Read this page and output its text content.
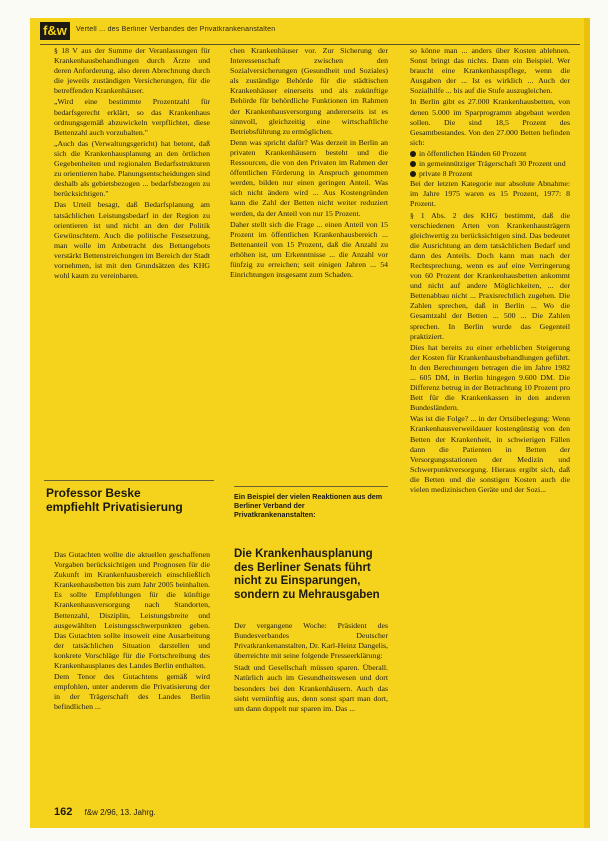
f&w	Vertell ... des Berliner Verbandes der Privatkrankenanstalten

§ 18 V aus der Summe der Veranlassungen für Krankenhausbehandlungen durch Ärzte und deren Anforderung, also deren Abrechnung durch die jeweils zuständigen Versicherungen, für die betreffenden Krankenhäuser.

„Wird eine bestimmte Prozentzahl für bedarfsgerecht erklärt, so das Krankenhaus ordnungsgemäß abzuwickeln verpflichtet, diese Bettenzahl auch vorzuhalten."

„Auch das (Verwaltungsgericht) hat betont, daß sich die Krankenhausplanung an den örtlichen Gegebenheiten und regionalen Bedarfsstrukturen zu orientieren habe. Planungsentscheidungen sind deshalb als gebietsbezogen ... bedarfsbezogen zu berücksichtigen."

Das Urteil besagt, daß Bedarfsplanung am tatsächlichen Leistungsbedarf in der Region zu orientieren ist und nicht an den der Politik Gewünschtem. Auch die politische Festsetzung, man wolle im Anbetracht des Bettangebots verstärkt Bettenstreichungen im Bereich der Stadt vornehmen, ist mit den Grundsätzen des KHG wohl kaum zu vereinbaren.

chen Krankenhäuser vor. Zur Sicherung der Interessenschaft zwischen den Sozialversicherungen (Gesundheit und Soziales) als zuständige Behörde für die städtischen Krankenhäuser einerseits und als zukünftige Behörde für behördliche Funktionen im Rahmen der Krankenhausversorgung andererseits ist es sinnvoll, gleichzeitig eine wirtschaftliche Betriebsführung zu ermöglichen.

Denn was spricht dafür? Was derzeit in Berlin an privaten Krankenhäusern besteht und die Ressourcen, die von den Privaten im Rahmen der öffentlichen Förderung in Anspruch genommen werden, bilden nur einen geringen Anteil. Was sich nicht ändern wird ... Aus Kostengründen kann die Zahl der Betten nicht weiter reduziert werden, da der Anteil von nur 15 Prozent.

Daher stellt sich die Frage ... einen Anteil von 15 Prozent im öffentlichen Krankenhausbereich ... Bettenanteil von 15 Prozent, daß die Anzahl zu erhöhen ist, um Erkenntnisse ... die Anzahl vor fünfzig zu erreichen; seit einigen Jahren ... 54 Einrichtungen insgesamt zum Schaden.

so könne man ... anders über Kosten ablehnen. Sonst bringt das nichts. Dann ein Beispiel. Wer braucht eine Krankenhauspflege, wenn die Ausgaben der ... Ist es wirklich ... Auch der Sozialhilfe ... bis auf die Stufe auszugleichen.

In Berlin gibt es 27.000 Krankenhausbetten, von denen 5.000 im Sparprogramm abgebaut werden sollen. Die sind 18,5 Prozent des Gesamtbestandes. Von den 27.000 Betten befinden sich:

in öffentlichen Händen 60 Prozent
in gemeinnütziger Trägerschaft 30 Prozent und
private 8 Prozent

Bei der letzten Kategorie nur absolute Abnahme: im Jahre 1975 waren es 15 Prozent, 1977: 8 Prozent.

§ 1 Abs. 2 des KHG bestimmt, daß die verschiedenen Arten von Krankenhausträgern gleichwertig zu berücksichtigen sind. Das bedeutet die Ausrichtung an dem tatsächlichen Bedarf und dann des Anteils. Doch kann man nach der Rechtsprechung, wenn es auf eine Verringerung von 60 Prozent der Krankenhausbetten ankommt und nicht auf andere Möglichkeiten, ... der Bettenabbau nicht ... Praxisrechtlich zugehen. Die Zahlen sprechen, daß in Berlin ... Wo die Gesamtzahl der Betten ... 500 ... Die Zahlen sprechen. In Berlin wurde das Gegenteil praktiziert.

Dies hat bereits zu einer erheblichen Steigerung der Kosten für Krankenhausbehandlungen geführt. In den Berechnungen betragen die im Jahre 1982 ... 605 DM, in Berlin hingegen 9.600 DM. Die Differenz betrug in der Betrachtung 10 Prozent pro Bett für die Krankenkassen in den anderen Bundesländern.

Was ist die Folge? ... in der Ortsüberlegung: Wenn Krankenhausverweildauer kostengünstig von den Betten der Krankenheit, in schwierigen Fällen dann die Patienten in Betten der Versorgungsstationen der Medizin und Schwerpunktversorgung. Hieraus ergibt sich, daß die Betten und die sonstigen Kosten auch die vielen medizinischen Geräte und der Sozi...

Professor Beske empfiehlt Privatisierung

Das Gutachten wollte die aktuellen geschaffenen Vorgaben berücksichtigen und Prognosen für die Zukunft im Krankenhausbereich einschließlich Krankenhausbetten bis zum Jahr 2005 beinhalten. Es sollte Empfehlungen für die künftige Krankenhausversorgung nach Standorten, Bettenzahl, Disziplin, Leistungsbreite und ausgewählten Leistungsschwerpunkten geben. Das Gutachten sollte insoweit eine Ausarbeitung der tatsächlichen Situation darstellen und konkrete Vorschläge für die Fortschreibung des Krankenhausplanes des Landes Berlin enthalten.

Dem Tenor des Gutachtens gemäß wird empfohlen, unter anderem die Privatisierung der in der Trägerschaft des Landes Berlin befindlichen ...

Ein Beispiel der vielen Reaktionen aus dem Berliner Verband der Privatkrankenanstalten:
Die Krankenhausplanung des Berliner Senats führt nicht zu Einsparungen, sondern zu Mehrausgaben

Der vergangene Woche: Präsident des Bundesverbandes Deutscher Privatkrankenanstalten, Dr. Karl-Heinz Dangelis, überreichte mit seine folgende Presseerklärung:

Stadt und Gesellschaft müssen sparen. Überall. Natürlich auch im Gesundheitswesen und dort besonders bei den Krankenhäusern. Auch das sieht vernünftig aus, denn sonst spart man dort, um dann doppelt nur sparen im. Das ...

162 f&w 2/96, 13. Jahrg.
